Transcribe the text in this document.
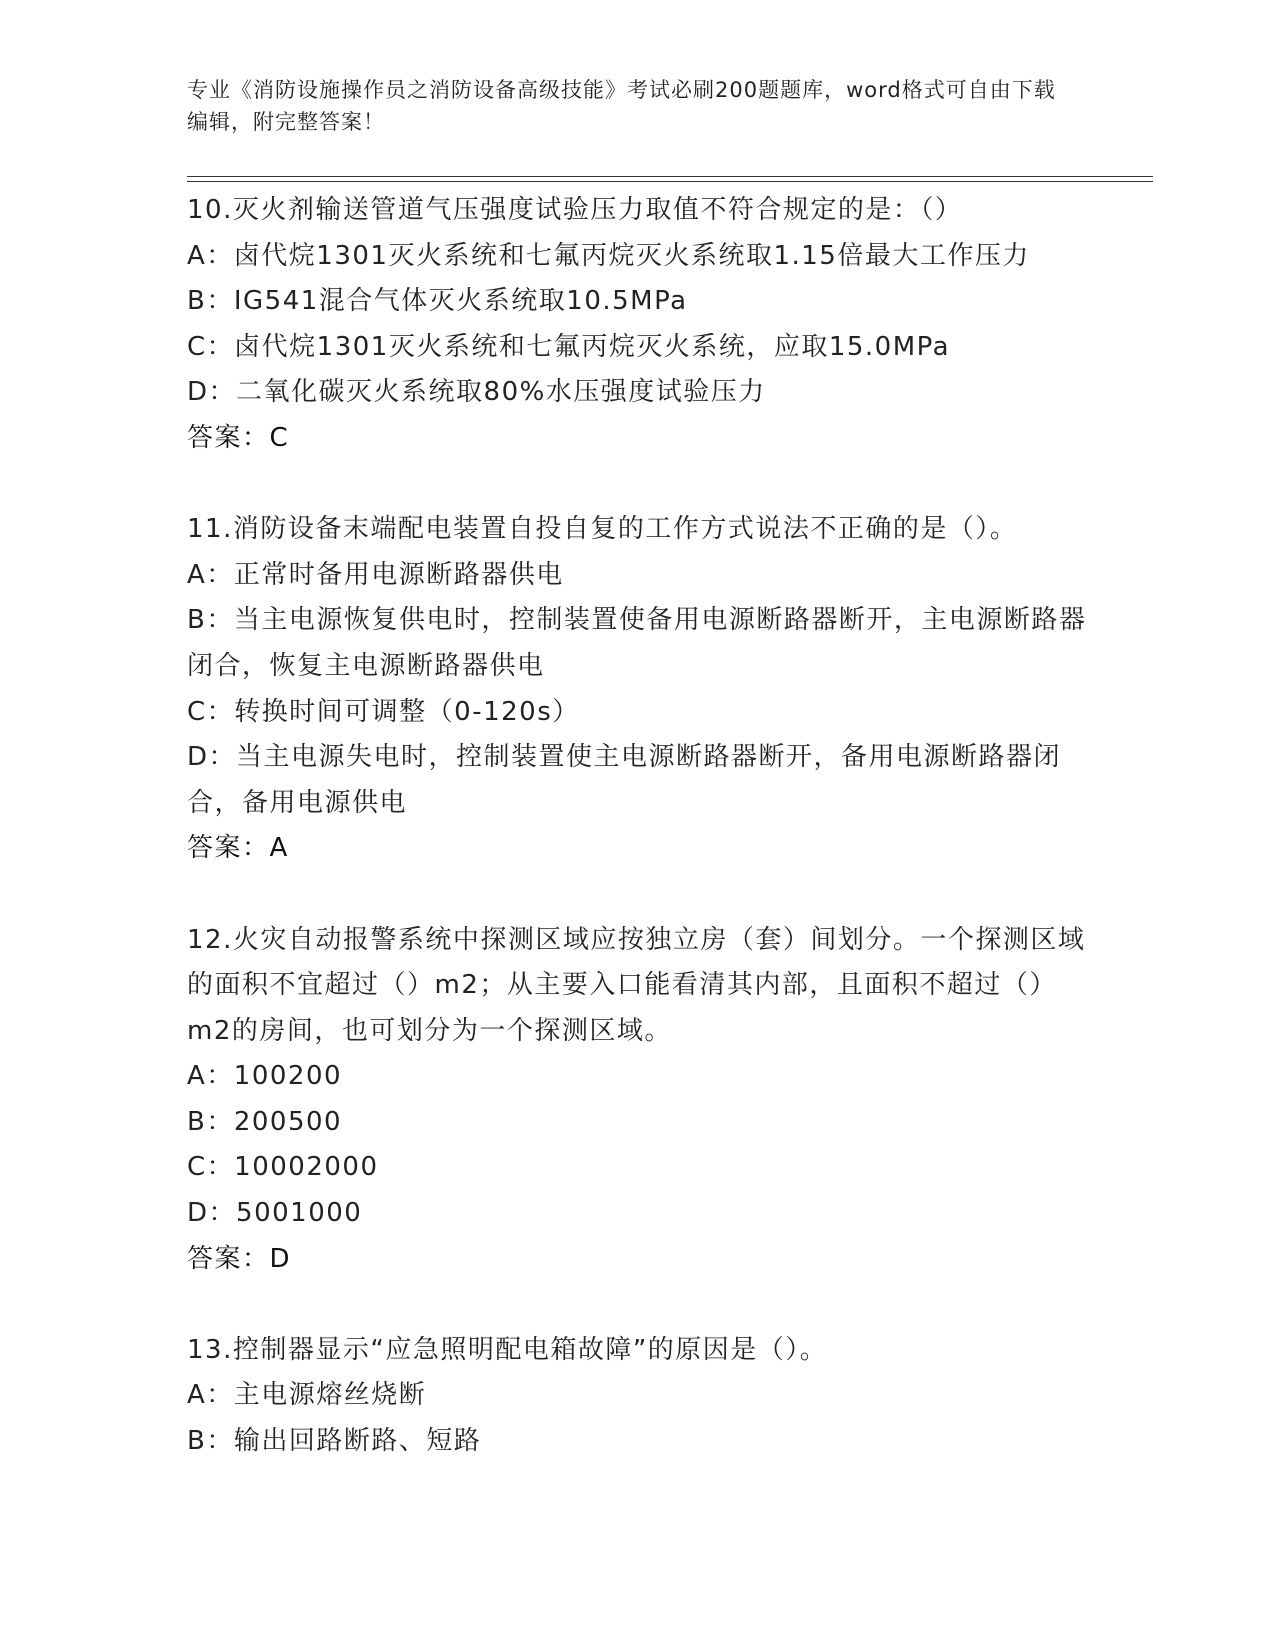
专业《消防设施操作员之消防设备高级技能》考试必刷200题题库，word格式可自由下载编辑，附完整答案！

10.灭火剂输送管道气压强度试验压力取值不符合规定的是：（）

A：卤代烷1301灭火系统和七氟丙烷灭火系统取1.15倍最大工作压力

B：IG541混合气体灭火系统取10.5MPa

C：卤代烷1301灭火系统和七氟丙烷灭火系统，应取15.0MPa

D：二氧化碳灭火系统取80%水压强度试验压力

答案：C

11.消防设备末端配电装置自投自复的工作方式说法不正确的是（）。

A：正常时备用电源断路器供电

B：当主电源恢复供电时，控制装置使备用电源断路器断开，主电源断路器闭合，恢复主电源断路器供电

C：转换时间可调整（0-120s）

D：当主电源失电时，控制装置使主电源断路器断开，备用电源断路器闭合，备用电源供电

答案：A

12.火灾自动报警系统中探测区域应按独立房（套）间划分。一个探测区域的面积不宜超过（）m2；从主要入口能看清其内部，且面积不超过（）m2的房间，也可划分为一个探测区域。

A：100200

B：200500

C：10002000

D：5001000

答案：D

13.控制器显示“应急照明配电箱故障”的原因是（）。

A：主电源熔丝烧断

B：输出回路断路、短路
